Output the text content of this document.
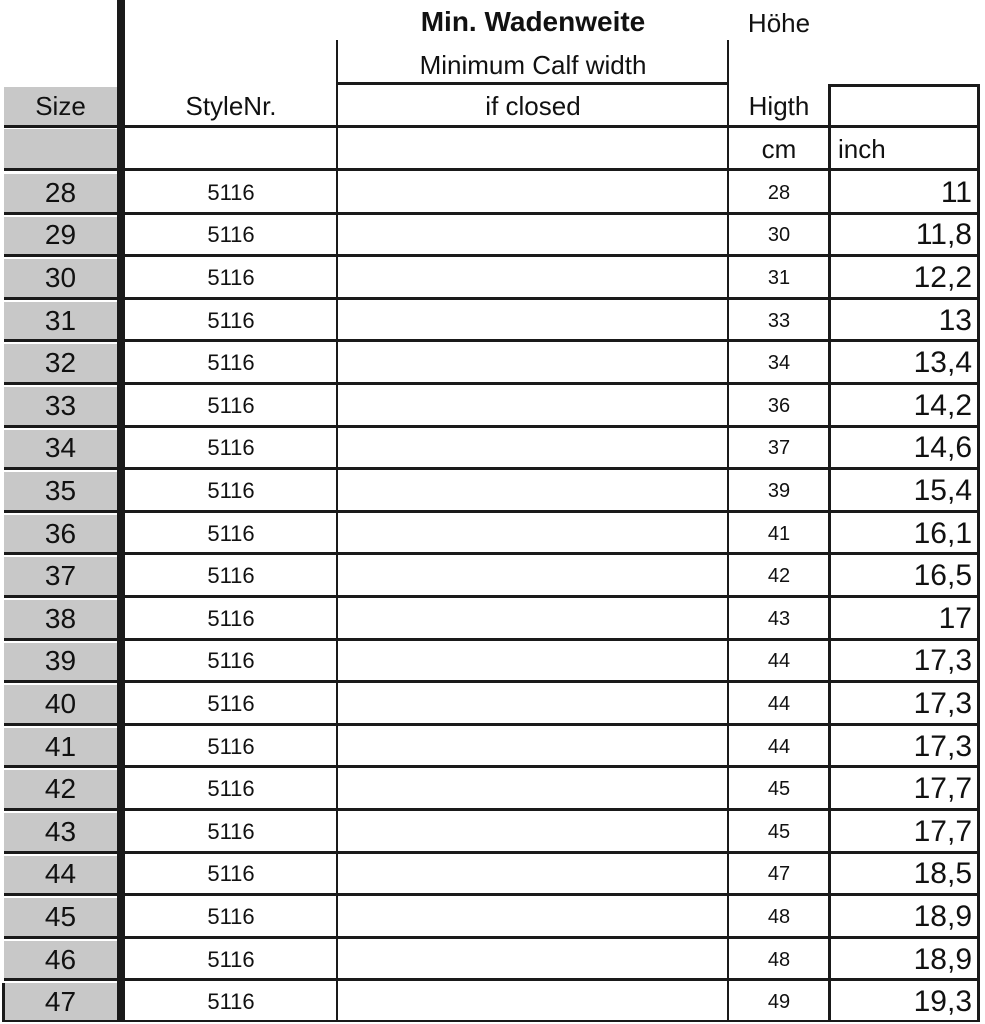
Min. Wadenweite
Minimum Calf width
if closed
Höhe
Higth
Size	StyleNr.
cm	inch
28	5116	28	11
29	5116	30	11,8
30	5116	31	12,2
31	5116	33	13
32	5116	34	13,4
33	5116	36	14,2
34	5116	37	14,6
35	5116	39	15,4
36	5116	41	16,1
37	5116	42	16,5
38	5116	43	17
39	5116	44	17,3
40	5116	44	17,3
41	5116	44	17,3
42	5116	45	17,7
43	5116	45	17,7
44	5116	47	18,5
45	5116	48	18,9
46	5116	48	18,9
47	5116	49	19,3
